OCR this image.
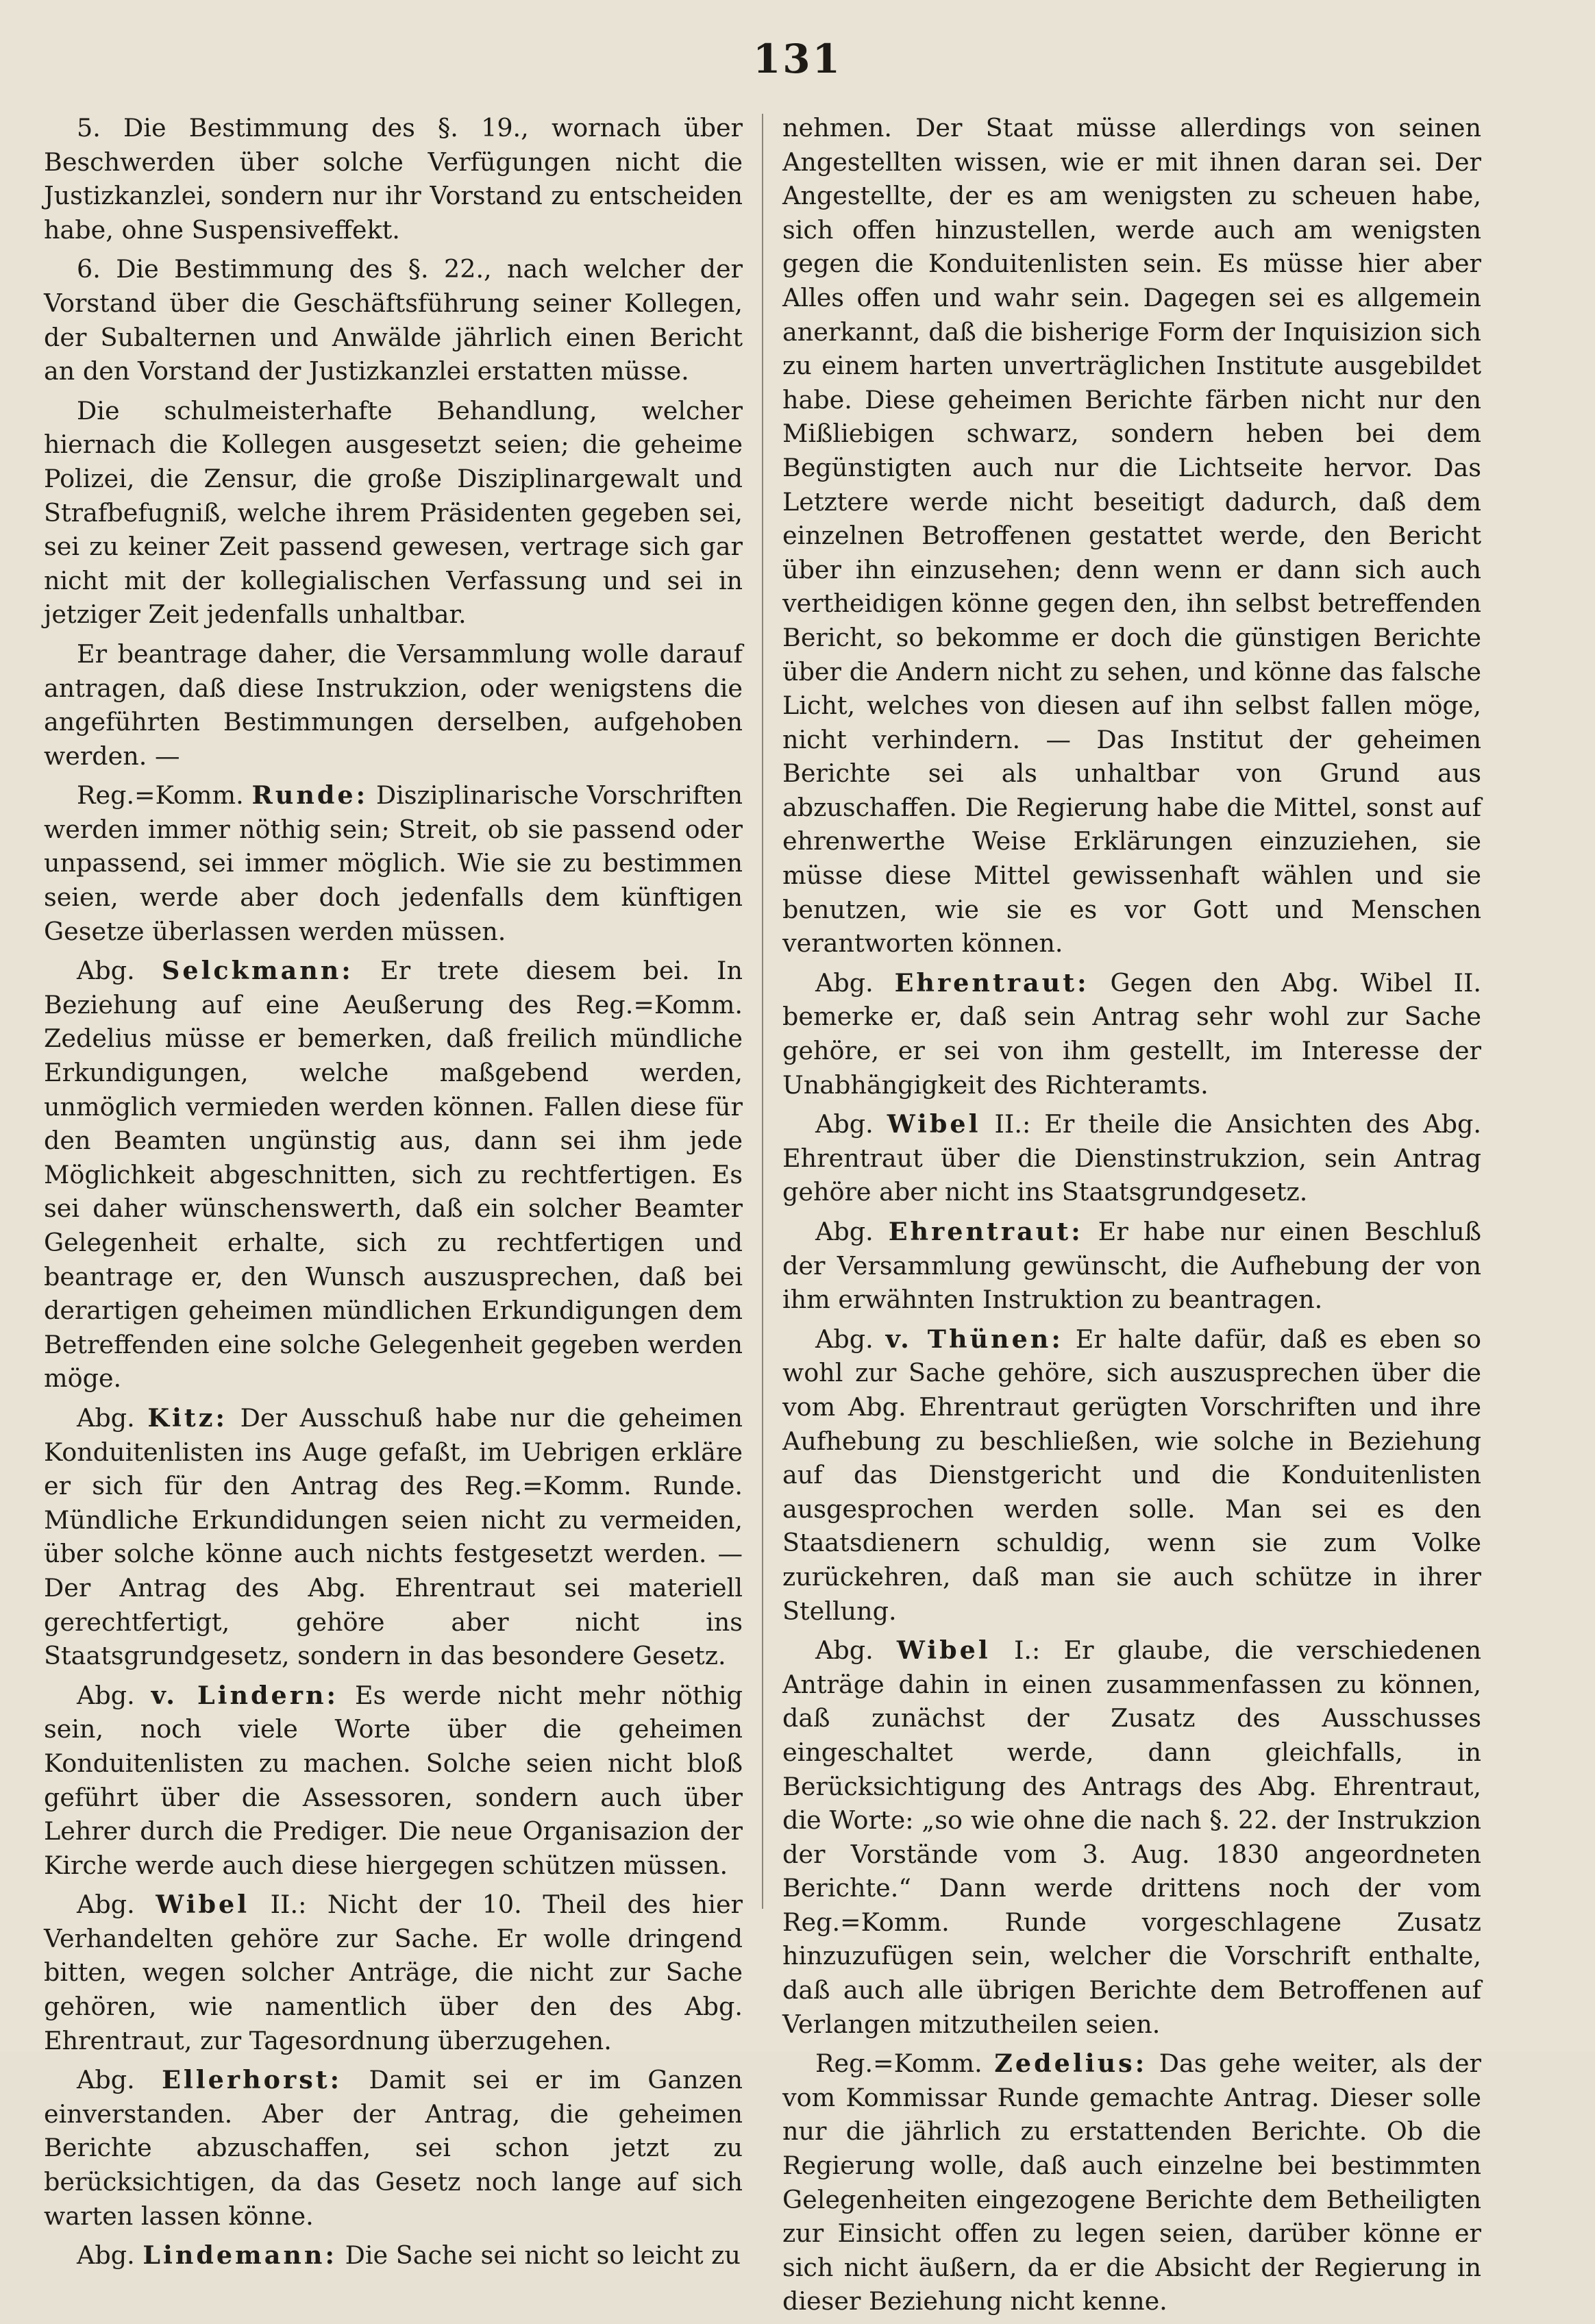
131

5. Die Bestimmung des §. 19., wornach über Beschwerden über solche Verfügungen nicht die Justizkanzlei, sondern nur ihr Vorstand zu entscheiden habe, ohne Suspensiveffekt.

6. Die Bestimmung des §. 22., nach welcher der Vorstand über die Geschäftsführung seiner Kollegen, der Subalternen und Anwälde jährlich einen Bericht an den Vorstand der Justizkanzlei erstatten müsse.

Die schulmeisterhafte Behandlung, welcher hiernach die Kollegen ausgesetzt seien; die geheime Polizei, die Zensur, die große Disziplinargewalt und Strafbefugniß, welche ihrem Präsidenten gegeben sei, sei zu keiner Zeit passend gewesen, vertrage sich gar nicht mit der kollegialischen Verfassung und sei in jetziger Zeit jedenfalls unhaltbar.

Er beantrage daher, die Versammlung wolle darauf antragen, daß diese Instrukzion, oder wenigstens die angeführten Bestimmungen derselben, aufgehoben werden. —

Reg.=Komm. Runde: Disziplinarische Vorschriften werden immer nöthig sein; Streit, ob sie passend oder unpassend, sei immer möglich. Wie sie zu bestimmen seien, werde aber doch jedenfalls dem künftigen Gesetze überlassen werden müssen.

Abg. Selckmann: Er trete diesem bei. In Beziehung auf eine Aeußerung des Reg.=Komm. Zedelius müsse er bemerken, daß freilich mündliche Erkundigungen, welche maßgebend werden, unmöglich vermieden werden können. Fallen diese für den Beamten ungünstig aus, dann sei ihm jede Möglichkeit abgeschnitten, sich zu rechtfertigen. Es sei daher wünschenswerth, daß ein solcher Beamter Gelegenheit erhalte, sich zu rechtfertigen und beantrage er, den Wunsch auszusprechen, daß bei derartigen geheimen mündlichen Erkundigungen dem Betreffenden eine solche Gelegenheit gegeben werden möge.

Abg. Kitz: Der Ausschuß habe nur die geheimen Konduitenlisten ins Auge gefaßt, im Uebrigen erkläre er sich für den Antrag des Reg.=Komm. Runde. Mündliche Erkundidungen seien nicht zu vermeiden, über solche könne auch nichts festgesetzt werden. — Der Antrag des Abg. Ehrentraut sei materiell gerechtfertigt, gehöre aber nicht ins Staatsgrundgesetz, sondern in das besondere Gesetz.

Abg. v. Lindern: Es werde nicht mehr nöthig sein, noch viele Worte über die geheimen Konduitenlisten zu machen. Solche seien nicht bloß geführt über die Assessoren, sondern auch über Lehrer durch die Prediger. Die neue Organisazion der Kirche werde auch diese hiergegen schützen müssen.

Abg. Wibel II.: Nicht der 10. Theil des hier Verhandelten gehöre zur Sache. Er wolle dringend bitten, wegen solcher Anträge, die nicht zur Sache gehören, wie namentlich über den des Abg. Ehrentraut, zur Tagesordnung überzugehen.

Abg. Ellerhorst: Damit sei er im Ganzen einverstanden. Aber der Antrag, die geheimen Berichte abzuschaffen, sei schon jetzt zu berücksichtigen, da das Gesetz noch lange auf sich warten lassen könne.

Abg. Lindemann: Die Sache sei nicht so leicht zu

nehmen. Der Staat müsse allerdings von seinen Angestellten wissen, wie er mit ihnen daran sei. Der Angestellte, der es am wenigsten zu scheuen habe, sich offen hinzustellen, werde auch am wenigsten gegen die Konduitenlisten sein. Es müsse hier aber Alles offen und wahr sein. Dagegen sei es allgemein anerkannt, daß die bisherige Form der Inquisizion sich zu einem harten unverträglichen Institute ausgebildet habe. Diese geheimen Berichte färben nicht nur den Mißliebigen schwarz, sondern heben bei dem Begünstigten auch nur die Lichtseite hervor. Das Letztere werde nicht beseitigt dadurch, daß dem einzelnen Betroffenen gestattet werde, den Bericht über ihn einzusehen; denn wenn er dann sich auch vertheidigen könne gegen den, ihn selbst betreffenden Bericht, so bekomme er doch die günstigen Berichte über die Andern nicht zu sehen, und könne das falsche Licht, welches von diesen auf ihn selbst fallen möge, nicht verhindern. — Das Institut der geheimen Berichte sei als unhaltbar von Grund aus abzuschaffen. Die Regierung habe die Mittel, sonst auf ehrenwerthe Weise Erklärungen einzuziehen, sie müsse diese Mittel gewissenhaft wählen und sie benutzen, wie sie es vor Gott und Menschen verantworten können.

Abg. Ehrentraut: Gegen den Abg. Wibel II. bemerke er, daß sein Antrag sehr wohl zur Sache gehöre, er sei von ihm gestellt, im Interesse der Unabhängigkeit des Richteramts.

Abg. Wibel II.: Er theile die Ansichten des Abg. Ehrentraut über die Dienstinstrukzion, sein Antrag gehöre aber nicht ins Staatsgrundgesetz.

Abg. Ehrentraut: Er habe nur einen Beschluß der Versammlung gewünscht, die Aufhebung der von ihm erwähnten Instruktion zu beantragen.

Abg. v. Thünen: Er halte dafür, daß es eben so wohl zur Sache gehöre, sich auszusprechen über die vom Abg. Ehrentraut gerügten Vorschriften und ihre Aufhebung zu beschließen, wie solche in Beziehung auf das Dienstgericht und die Konduitenlisten ausgesprochen werden solle. Man sei es den Staatsdienern schuldig, wenn sie zum Volke zurückehren, daß man sie auch schütze in ihrer Stellung.

Abg. Wibel I.: Er glaube, die verschiedenen Anträge dahin in einen zusammenfassen zu können, daß zunächst der Zusatz des Ausschusses eingeschaltet werde, dann gleichfalls, in Berücksichtigung des Antrags des Abg. Ehrentraut, die Worte: „so wie ohne die nach §. 22. der Instrukzion der Vorstände vom 3. Aug. 1830 angeordneten Berichte.“ Dann werde drittens noch der vom Reg.=Komm. Runde vorgeschlagene Zusatz hinzuzufügen sein, welcher die Vorschrift enthalte, daß auch alle übrigen Berichte dem Betroffenen auf Verlangen mitzutheilen seien.

Reg.=Komm. Zedelius: Das gehe weiter, als der vom Kommissar Runde gemachte Antrag. Dieser solle nur die jährlich zu erstattenden Berichte. Ob die Regierung wolle, daß auch einzelne bei bestimmten Gelegenheiten eingezogene Berichte dem Betheiligten zur Einsicht offen zu legen seien, darüber könne er sich nicht äußern, da er die Absicht der Regierung in dieser Beziehung nicht kenne.
